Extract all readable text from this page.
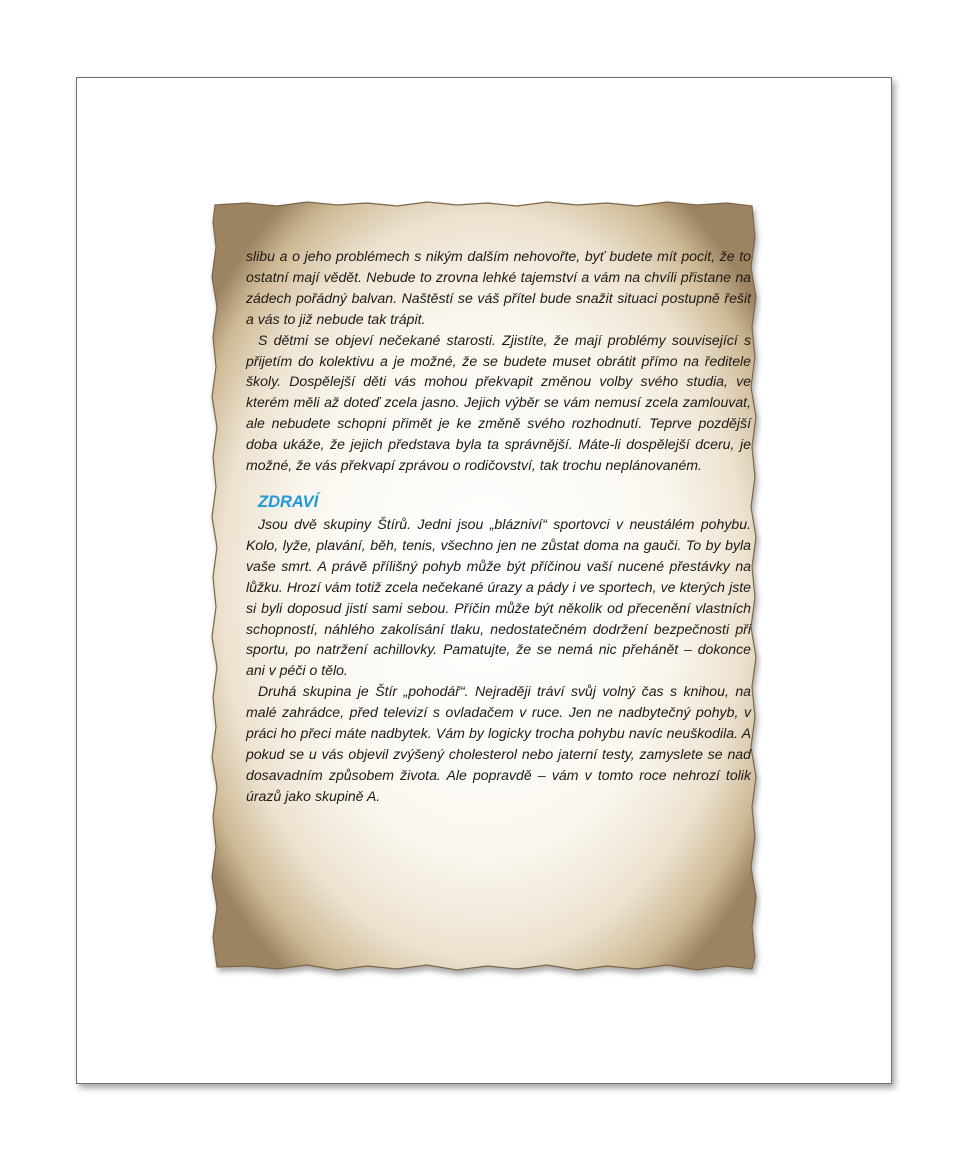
slibu a o jeho problémech s nikým dalším nehovořte, byť budete mít pocit, že to ostatní mají vědět. Nebude to zrovna lehké tajemství a vám na chvíli přistane na zádech pořádný balvan. Naštěstí se váš přítel bude snažit situaci postupně řešit a vás to již nebude tak trápit.

S dětmi se objeví nečekané starosti. Zjistíte, že mají problémy související s přijetím do kolektivu a je možné, že se budete muset obrátit přímo na ředitele školy. Dospělejší děti vás mohou překvapit změnou volby svého studia, ve kterém měli až doteď zcela jasno. Jejich výběr se vám nemusí zcela zamlouvat, ale nebudete schopni přimět je ke změně svého rozhodnutí. Teprve pozdější doba ukáže, že jejich představa byla ta správnější. Máte-li dospělejší dceru, je možné, že vás překvapí zprávou o rodičovství, tak trochu neplánovaném.

ZDRAVÍ

Jsou dvě skupiny Štírů. Jedni jsou „blázniví“ sportovci v neustálém pohybu. Kolo, lyže, plavání, běh, tenis, všechno jen ne zůstat doma na gauči. To by byla vaše smrt. A právě přílišný pohyb může být příčinou vaší nucené přestávky na lůžku. Hrozí vám totiž zcela nečekané úrazy a pády i ve sportech, ve kterých jste si byli doposud jistí sami sebou. Příčin může být několik od přecenění vlastních schopností, náhlého zakolísání tlaku, nedostatečném dodržení bezpečnosti při sportu, po natržení achillovky. Pamatujte, že se nemá nic přehánět – dokonce ani v péči o tělo.

Druhá skupina je Štír „pohodář“. Nejraději tráví svůj volný čas s knihou, na malé zahrádce, před televizí s ovladačem v ruce. Jen ne nadbytečný pohyb, v práci ho přeci máte nadbytek. Vám by logicky trocha pohybu navíc neuškodila. A pokud se u vás objevil zvýšený cholesterol nebo jaterní testy, zamyslete se nad dosavadním způsobem života. Ale popravdě – vám v tomto roce nehrozí tolik úrazů jako skupině A.
